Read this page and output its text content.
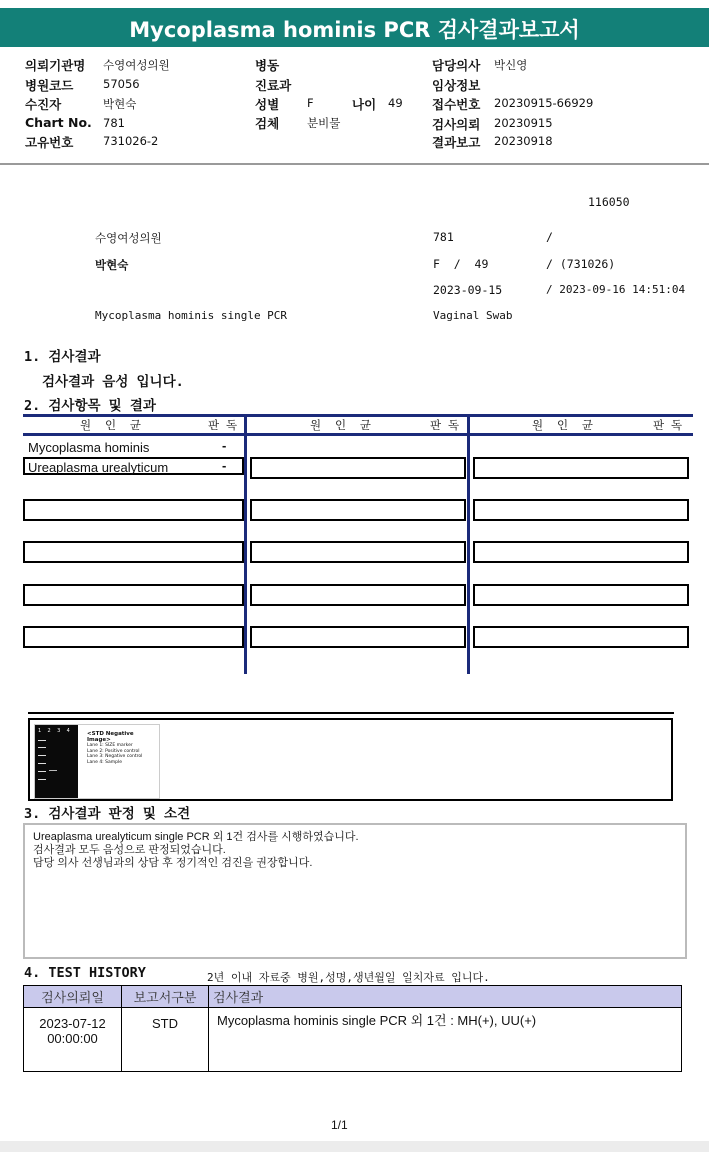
Mycoplasma hominis PCR 검사결과보고서
의뢰기관명 수영여성의원
병원코드	57056
수진자	박현숙
Chart No. 781
고유번호	731026-2
병동
진료과
성별 F	나이 49
검체 분비물
담당의사 박신영
임상정보
접수번호 20230915-66929
검사의뢰 20230915
결과보고 20230918
116050
수영여성의원	781	/
박현숙	F  /  49	/ (731026)
2023-09-15	/ 2023-09-16 14:51:04
Mycoplasma hominis single PCR	Vaginal Swab
1. 검사결과
검사결과 음성 입니다.
2. 검사항목 및 결과
원  인  균	판 독	원  인  균	판 독	원  인  균	판 독
Mycoplasma hominis	-
Ureaplasma urealyticum	-
1 2 3 4	<STD Negative Image>
Lane 1: SIZE marker
Lane 2: Positive control
Lane 3: Negative control
Lane 4: Sample
3. 검사결과 판정 및 소견
Ureaplasma urealyticum single PCR 외 1건 검사를 시행하였습니다.
검사결과 모두 음성으로 판정되었습니다.
담당 의사 선생님과의 상담 후 정기적인 검진을 권장합니다.
4. TEST HISTORY	2년 이내 자료중 병원,성명,생년월일 일치자료 입니다.
검사의뢰일	보고서구분	검사결과

2023-07-12
00:00:00	STD	Mycoplasma hominis single PCR 외 1건 : MH(+), UU(+)
1/1
